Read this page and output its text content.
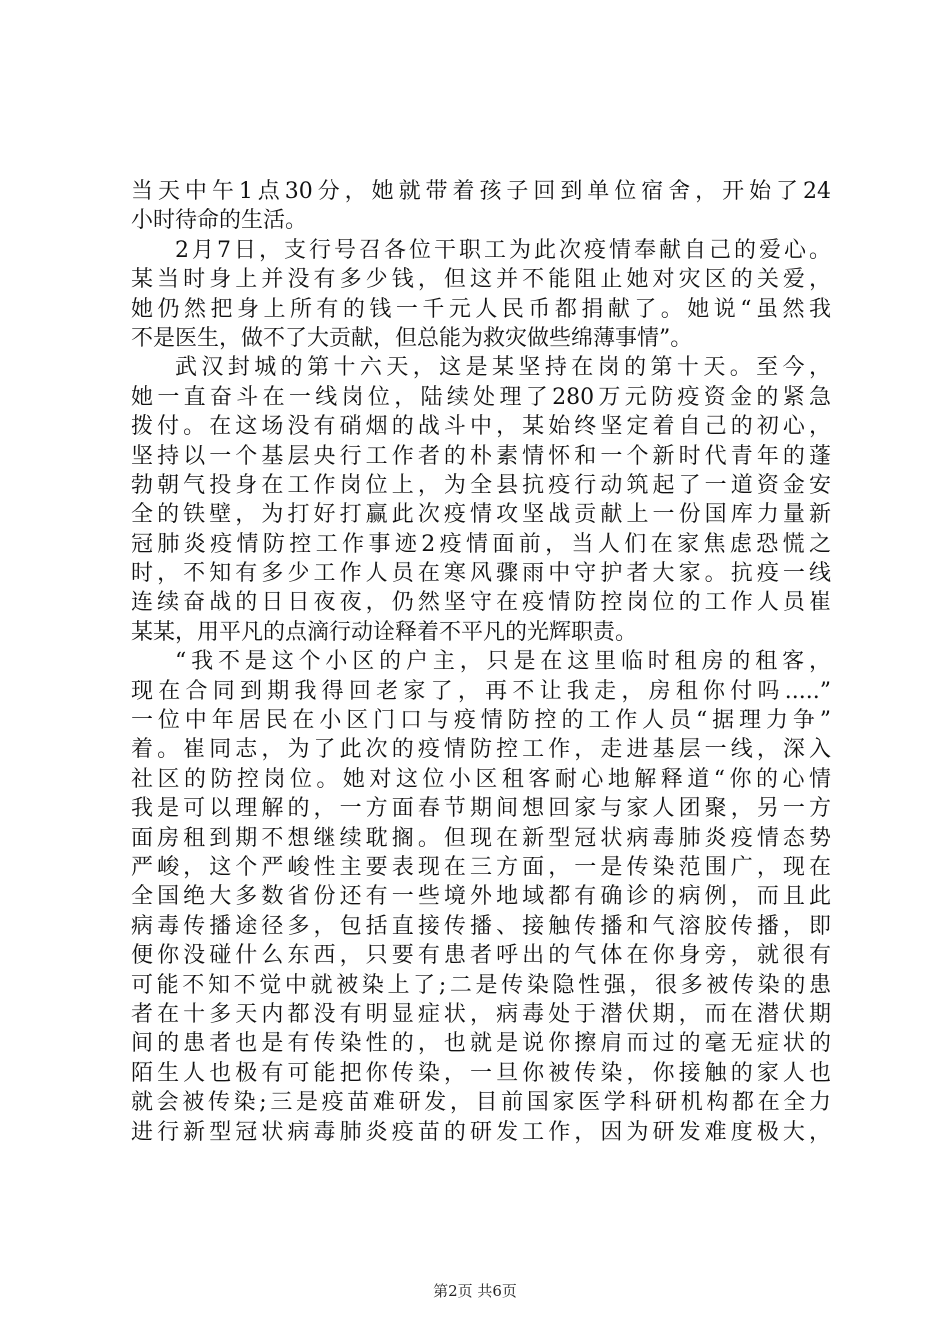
当天中午1点30分，她就带着孩子回到单位宿舍，开始了24
小时待命的生活。
2月7日，支行号召各位干职工为此次疫情奉献自己的爱心。
某当时身上并没有多少钱，但这并不能阻止她对灾区的关爱，
她仍然把身上所有的钱一千元人民币都捐献了。她说“虽然我
不是医生，做不了大贡献，但总能为救灾做些绵薄事情”。
武汉封城的第十六天，这是某坚持在岗的第十天。至今，
她一直奋斗在一线岗位，陆续处理了280万元防疫资金的紧急
拨付。在这场没有硝烟的战斗中，某始终坚定着自己的初心，
坚持以一个基层央行工作者的朴素情怀和一个新时代青年的蓬
勃朝气投身在工作岗位上，为全县抗疫行动筑起了一道资金安
全的铁壁，为打好打赢此次疫情攻坚战贡献上一份国库力量新
冠肺炎疫情防控工作事迹2疫情面前，当人们在家焦虑恐慌之
时，不知有多少工作人员在寒风骤雨中守护者大家。抗疫一线
连续奋战的日日夜夜，仍然坚守在疫情防控岗位的工作人员崔
某某，用平凡的点滴行动诠释着不平凡的光辉职责。
“我不是这个小区的户主，只是在这里临时租房的租客，
现在合同到期我得回老家了，再不让我走，房租你付吗.....”
一位中年居民在小区门口与疫情防控的工作人员“据理力争”
着。崔同志，为了此次的疫情防控工作，走进基层一线，深入
社区的防控岗位。她对这位小区租客耐心地解释道“你的心情
我是可以理解的，一方面春节期间想回家与家人团聚，另一方
面房租到期不想继续耽搁。但现在新型冠状病毒肺炎疫情态势
严峻，这个严峻性主要表现在三方面，一是传染范围广，现在
全国绝大多数省份还有一些境外地域都有确诊的病例，而且此
病毒传播途径多，包括直接传播、接触传播和气溶胶传播，即
便你没碰什么东西，只要有患者呼出的气体在你身旁，就很有
可能不知不觉中就被染上了;二是传染隐性强，很多被传染的患
者在十多天内都没有明显症状，病毒处于潜伏期，而在潜伏期
间的患者也是有传染性的，也就是说你擦肩而过的毫无症状的
陌生人也极有可能把你传染，一旦你被传染，你接触的家人也
就会被传染;三是疫苗难研发，目前国家医学科研机构都在全力
进行新型冠状病毒肺炎疫苗的研发工作，因为研发难度极大，
第2页 共6页
